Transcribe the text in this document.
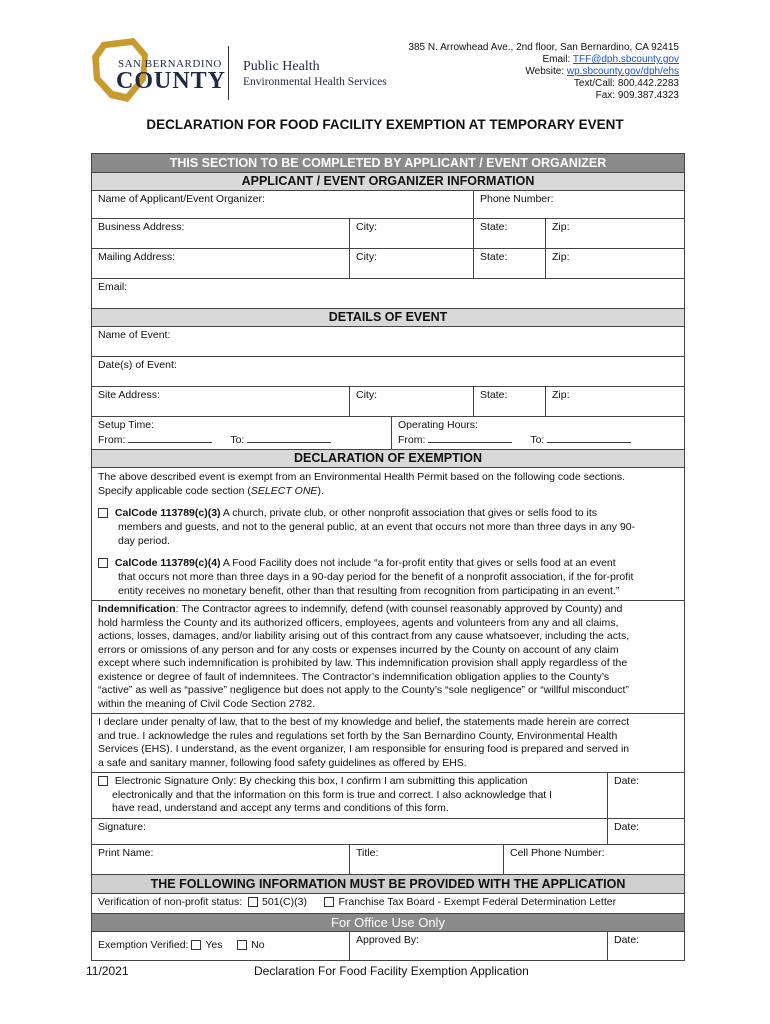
SAN BERNARDINO
COUNTY
Public Health
Environmental Health Services
385 N. Arrowhead Ave., 2nd floor, San Bernardino, CA 92415
Email: TFF@dph.sbcounty.gov
Website: wp.sbcounty.gov/dph/ehs
Text/Call: 800.442.2283
Fax: 909.387.4323
DECLARATION FOR FOOD FACILITY EXEMPTION AT TEMPORARY EVENT
THIS SECTION TO BE COMPLETED BY APPLICANT / EVENT ORGANIZER
APPLICANT / EVENT ORGANIZER INFORMATION
Name of Applicant/Event Organizer:	Phone Number:
Business Address:	City:	State:	Zip:
Mailing Address:	City:	State:	Zip:
Email:
DETAILS OF EVENT
Name of Event:
Date(s) of Event:
Site Address:	City:	State:	Zip:
Setup Time:
From:	To:
Operating Hours:
From:	To:
DECLARATION OF EXEMPTION
The above described event is exempt from an Environmental Health Permit based on the following code sections.
Specify applicable code section (SELECT ONE).
CalCode 113789(c)(3) A church, private club, or other nonprofit association that gives or sells food to its
members and guests, and not to the general public, at an event that occurs not more than three days in any 90-
day period.
CalCode 113789(c)(4) A Food Facility does not include “a for-profit entity that gives or sells food at an event
that occurs not more than three days in a 90-day period for the benefit of a nonprofit association, if the for-profit
entity receives no monetary benefit, other than that resulting from recognition from participating in an event.”
Indemnification: The Contractor agrees to indemnify, defend (with counsel reasonably approved by County) and
hold harmless the County and its authorized officers, employees, agents and volunteers from any and all claims,
actions, losses, damages, and/or liability arising out of this contract from any cause whatsoever, including the acts,
errors or omissions of any person and for any costs or expenses incurred by the County on account of any claim
except where such indemnification is prohibited by law. This indemnification provision shall apply regardless of the
existence or degree of fault of indemnitees. The Contractor’s indemnification obligation applies to the County’s
“active” as well as “passive” negligence but does not apply to the County’s “sole negligence” or “willful misconduct”
within the meaning of Civil Code Section 2782.
I declare under penalty of law, that to the best of my knowledge and belief, the statements made herein are correct
and true. I acknowledge the rules and regulations set forth by the San Bernardino County, Environmental Health
Services (EHS). I understand, as the event organizer, I am responsible for ensuring food is prepared and served in
a safe and sanitary manner, following food safety guidelines as offered by EHS.
Electronic Signature Only: By checking this box, I confirm I am submitting this application
electronically and that the information on this form is true and correct. I also acknowledge that I
have read, understand and accept any terms and conditions of this form.
Date:
Signature:	Date:
Print Name:	Title:	Cell Phone Number:
THE FOLLOWING INFORMATION MUST BE PROVIDED WITH THE APPLICATION
Verification of non-profit status: 501(C)(3)	Franchise Tax Board - Exempt Federal Determination Letter
For Office Use Only
Exemption Verified: Yes	No	Approved By:	Date:
11/2021	Declaration For Food Facility Exemption Application
